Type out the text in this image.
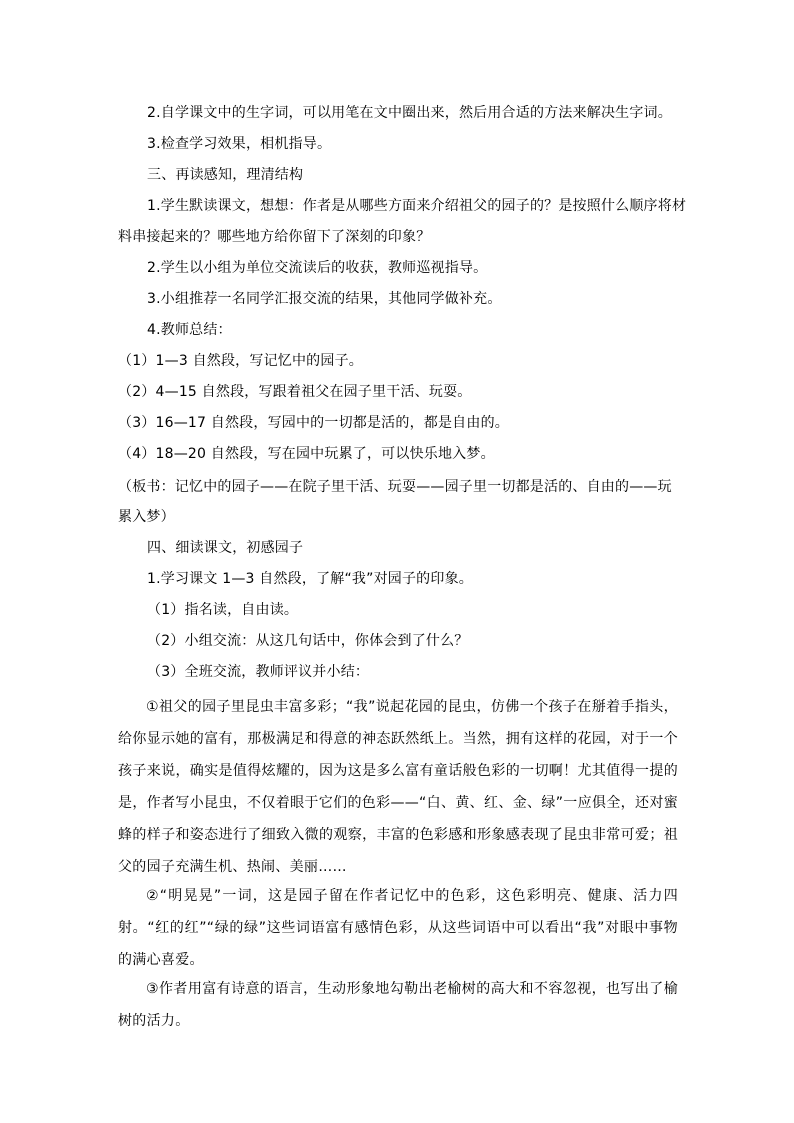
2.自学课文中的生字词，可以用笔在文中圈出来，然后用合适的方法来解决生字词。

3.检查学习效果，相机指导。

三、再读感知，理清结构

1.学生默读课文，想想：作者是从哪些方面来介绍祖父的园子的？是按照什么顺序将材

料串接起来的？哪些地方给你留下了深刻的印象？

2.学生以小组为单位交流读后的收获，教师巡视指导。

3.小组推荐一名同学汇报交流的结果，其他同学做补充。

4.教师总结：

（1）1—3 自然段，写记忆中的园子。

（2）4—15 自然段，写跟着祖父在园子里干活、玩耍。

（3）16—17 自然段，写园中的一切都是活的，都是自由的。

（4）18—20 自然段，写在园中玩累了，可以快乐地入梦。

（板书：记忆中的园子——在院子里干活、玩耍——园子里一切都是活的、自由的——玩

累入梦）

四、细读课文，初感园子

1.学习课文 1—3 自然段，了解“我”对园子的印象。

（1）指名读，自由读。

（2）小组交流：从这几句话中，你体会到了什么？

（3）全班交流，教师评议并小结：

①祖父的园子里昆虫丰富多彩；“我”说起花园的昆虫，仿佛一个孩子在掰着手指头，给你显示她的富有，那极满足和得意的神态跃然纸上。当然，拥有这样的花园，对于一个孩子来说，确实是值得炫耀的，因为这是多么富有童话般色彩的一切啊！尤其值得一提的是，作者写小昆虫，不仅着眼于它们的色彩——“白、黄、红、金、绿”一应俱全，还对蜜蜂的样子和姿态进行了细致入微的观察，丰富的色彩感和形象感表现了昆虫非常可爱；祖父的园子充满生机、热闹、美丽……

②“明晃晃”一词，这是园子留在作者记忆中的色彩，这色彩明亮、健康、活力四射。“红的红”“绿的绿”这些词语富有感情色彩，从这些词语中可以看出“我”对眼中事物的满心喜爱。

③作者用富有诗意的语言，生动形象地勾勒出老榆树的高大和不容忽视，也写出了榆树的活力。
